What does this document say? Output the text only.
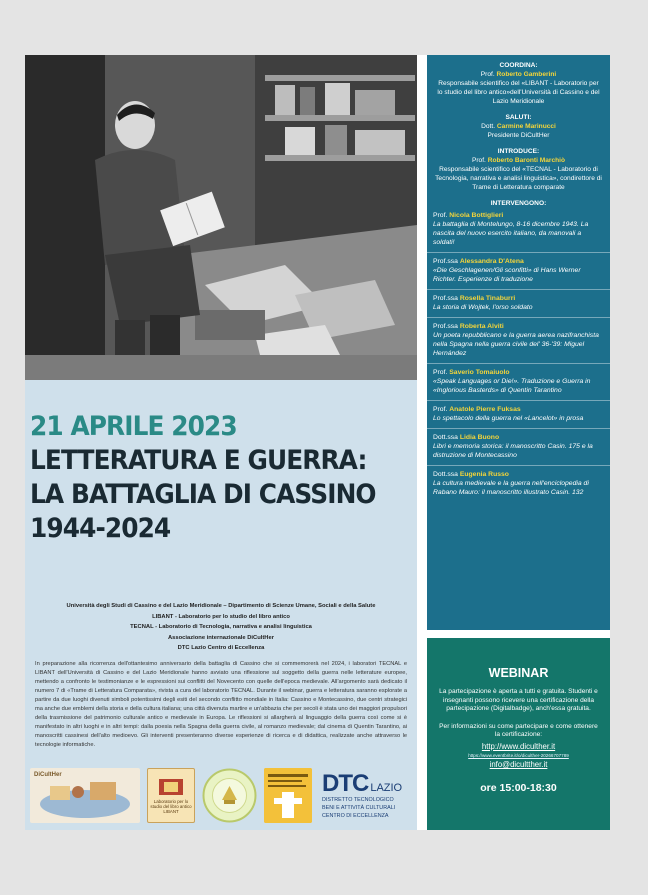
21 APRILE 2023
LETTERATURA E GUERRA:
LA BATTAGLIA DI CASSINO
1944-2024
Università degli Studi di Cassino e del Lazio Meridionale – Dipartimento di Scienze Umane, Sociali e della Salute
LIBANT - Laboratorio per lo studio del libro antico
TECNAL - Laboratorio di Tecnologia, narrativa e analisi linguistica
Associazione internazionale DiCultHer
DTC Lazio Centro di Eccellenza
In preparazione alla ricorrenza dell'ottantesimo anniversario della battaglia di Cassino che si commemorerà nel 2024, i laboratori TECNAL e LIBANT dell'Università di Cassino e del Lazio Meridionale hanno avviato una riflessione sul soggetto della guerra nelle letterature europee, mettendo a confronto le testimonianze e le espressioni sui conflitti del Novecento con quelle dell'epoca medievale. All'argomento sarà dedicato il numero 7 di «Trame di Letteratura Comparata», rivista a cura del laboratorio TECNAL. Durante il webinar, guerra e letteratura saranno esplorate a partire da due luoghi divenuti simboli potentissimi degli esiti del secondo conflitto mondiale in Italia: Cassino e Montecassino, due centri strategici ma anche due emblemi della storia e della cultura italiana; una città divenuta martire e un'abbazia che per secoli è stata uno dei maggiori propulsori della trasmissione del patrimonio culturale antico e medievale in Europa. Le riflessioni si allargherà al linguaggio della guerra così come si è manifestato in altri luoghi e in altri tempi: dalla poesia nella Spagna della guerra civile, al romanzo medievale; dal cinema di Quentin Tarantino, ai manoscritti cassinesi dell'alto medioevo. Gli interventi presenteranno diverse esperienze di ricerca e di didattica, realizzate anche attraverso le tecnologie informatiche.
DiCultHer
Laboratorio per lo studio del libro antico LIBANT
DTC LAZIO
DISTRETTO TECNOLOGICO
BENI E ATTIVITÀ CULTURALI
CENTRO DI ECCELLENZA
COORDINA:
Prof. Roberto Gamberini
Responsabile scientifico del «LIBANT - Laboratorio per lo studio del libro antico»dell'Università di Cassino e del Lazio Meridionale
SALUTI:
Dott. Carmine Marinucci
Presidente DiCultHer
INTRODUCE:
Prof. Roberto Baronti Marchiò
Responsabile scientifico del «TECNAL - Laboratorio di Tecnologia, narrativa e analisi linguistica», condirettore di Trame di Letteratura comparate
INTERVENGONO:
Prof. Nicola Bottiglieri
La battaglia di Montelungo, 8-16 dicembre 1943. La nascita del nuovo esercito italiano, da manovali a soldati!
Prof.ssa Alessandra D'Atena
«Die Geschlagenen/Gli sconfitti» di Hans Werner Richter. Esperienze di traduzione
Prof.ssa Rosella Tinaburri
La storia di Wojtek, l'orso soldato
Prof.ssa Roberta Alviti
Un poeta repubblicano e la guerra aerea nazifranchista nella Spagna nella guerra civile del' 36-'39: Miguel Hernández
Prof. Saverio Tomaiuolo
«Speak Languages or Die!». Traduzione e Guerra in «Inglorious Basterds» di Quentin Tarantino
Prof. Anatole Pierre Fuksas
Lo spettacolo della guerra nel «Lancelot» in prosa
Dott.ssa Lidia Buono
Libri e memoria storica: il manoscritto Casin. 175 e la distruzione di Montecassino
Dott.ssa Eugenia Russo
La cultura medievale e la guerra nell'enciclopedia di Rabano Mauro: il manoscritto illustrato Casin. 132
WEBINAR
La partecipazione è aperta a tutti e gratuita. Studenti e insegnanti possono ricevere una certificazione della partecipazione (Digitalbadge), anch'essa gratuita.
Per informazioni su come partecipare e come ottenere la certificazione:
http://www.diculther.it
https://www.eventbrite.it/o/diculther-20266707789
info@dicultther.it
ore 15:00-18:30
